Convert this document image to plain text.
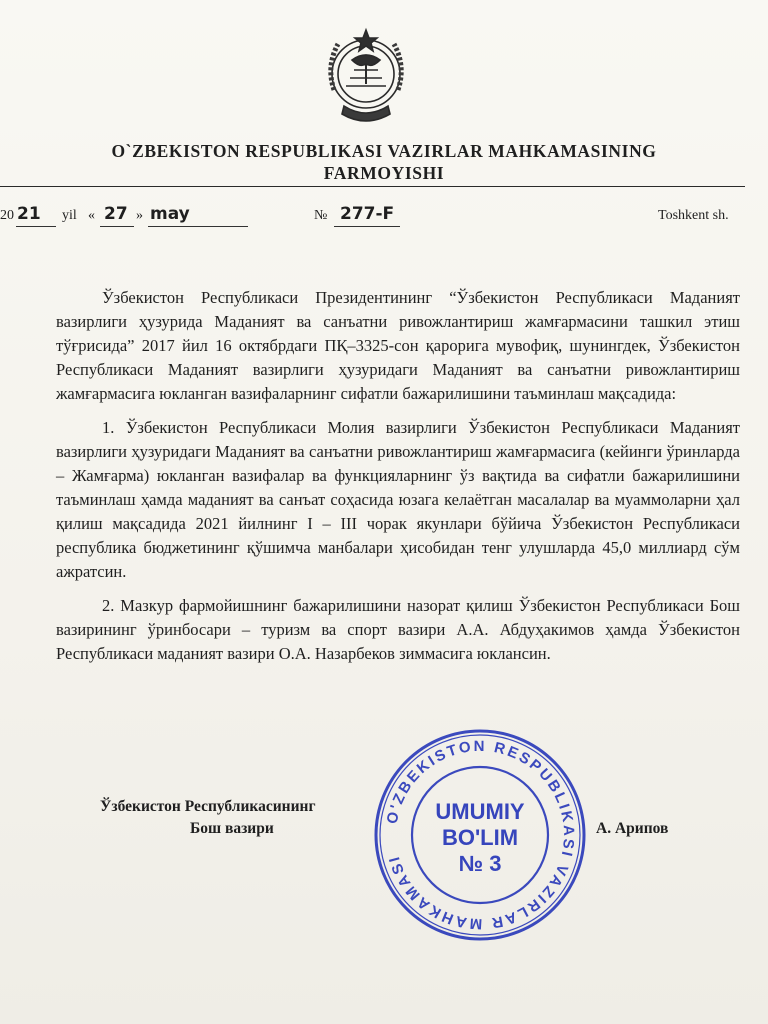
O`ZBEKISTON RESPUBLIKASI VAZIRLAR MAHKAMASINING
FARMOYISHI
20 21 yil « 27 » may	№ 277-F	Toshkent sh.

Ўзбекистон Республикаси Президентининг “Ўзбекистон Республикаси Маданият вазирлиги ҳузурида Маданият ва санъатни ривожлантириш жамғармасини ташкил этиш тўғрисида” 2017 йил 16 октябрдаги ПҚ–3325-сон қарорига мувофиқ, шунингдек, Ўзбекистон Республикаси Маданият вазирлиги ҳузуридаги Маданият ва санъатни ривожлантириш жамғармасига юкланган вазифаларнинг сифатли бажарилишини таъминлаш мақсадида:

1. Ўзбекистон Республикаси Молия вазирлиги Ўзбекистон Республикаси Маданият вазирлиги ҳузуридаги Маданият ва санъатни ривожлантириш жамғармасига (кейинги ўринларда – Жамғарма) юкланган вазифалар ва функцияларнинг ўз вақтида ва сифатли бажарилишини таъминлаш ҳамда маданият ва санъат соҳасида юзага келаётган масалалар ва муаммоларни ҳал қилиш мақсадида 2021 йилнинг I – III чорак якунлари бўйича Ўзбекистон Республикаси республика бюджетининг қўшимча манбалари ҳисобидан тенг улушларда 45,0 миллиард сўм ажратсин.

2. Мазкур фармойишнинг бажарилишини назорат қилиш Ўзбекистон Республикаси Бош вазирининг ўринбосари – туризм ва спорт вазири А.А. Абдуҳакимов ҳамда Ўзбекистон Республикаси маданият вазири О.А. Назарбеков зиммасига юклансин.

Ўзбекистон Республикасининг
Бош вазири	А. Арипов
O'ZBEKISTON RESPUBLIKASI VAZIRLAR MAHKAMASI
UMUMIY
BO'LIM
№ 3
